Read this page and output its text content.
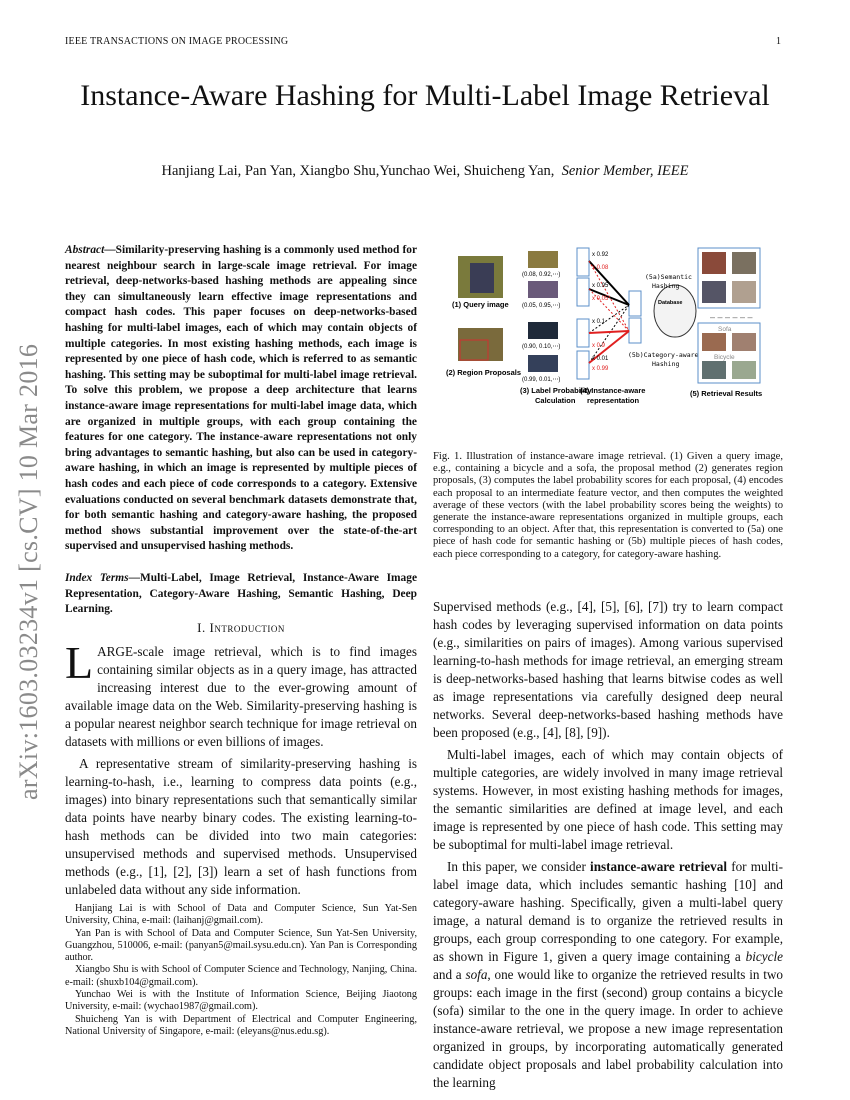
IEEE TRANSACTIONS ON IMAGE PROCESSING	1
arXiv:1603.03234v1 [cs.CV] 10 Mar 2016
Instance-Aware Hashing for Multi-Label Image Retrieval
Hanjiang Lai, Pan Yan, Xiangbo Shu,Yunchao Wei, Shuicheng Yan, Senior Member, IEEE
Abstract—Similarity-preserving hashing is a commonly used method for nearest neighbour search in large-scale image retrieval. For image retrieval, deep-networks-based hashing methods are appealing since they can simultaneously learn effective image representations and compact hash codes. This paper focuses on deep-networks-based hashing for multi-label images, each of which may contain objects of multiple categories. In most existing hashing methods, each image is represented by one piece of hash code, which is referred to as semantic hashing. This setting may be suboptimal for multi-label image retrieval. To solve this problem, we propose a deep architecture that learns instance-aware image representations for multi-label image data, which are organized in multiple groups, with each group containing the features for one category. The instance-aware representations not only bring advantages to semantic hashing, but also can be used in category-aware hashing, in which an image is represented by multiple pieces of hash codes and each piece of code corresponds to a category. Extensive evaluations conducted on several benchmark datasets demonstrate that, for both semantic hashing and category-aware hashing, the proposed method shows substantial improvement over the state-of-the-art supervised and unsupervised hashing methods.
Index Terms—Multi-Label, Image Retrieval, Instance-Aware Image Representation, Category-Aware Hashing, Semantic Hashing, Deep Learning.
I. Introduction

LARGE-scale image retrieval, which is to find images containing similar objects as in a query image, has attracted increasing interest due to the ever-growing amount of available image data on the Web. Similarity-preserving hashing is a popular nearest neighbor search technique for image retrieval on datasets with millions or even billions of images.

A representative stream of similarity-preserving hashing is learning-to-hash, i.e., learning to compress data points (e.g., images) into binary representations such that semantically similar data points have nearby binary codes. The existing learning-to-hash methods can be divided into two main categories: unsupervised methods and supervised methods. Unsupervised methods (e.g., [1], [2], [3]) learn a set of hash functions from unlabeled data without any side information.

Hanjiang Lai is with School of Data and Computer Science, Sun Yat-Sen University, China, e-mail: (laihanj@gmail.com).

Yan Pan is with School of Data and Computer Science, Sun Yat-Sen University, Guangzhou, 510006, e-mail: (panyan5@mail.sysu.edu.cn). Yan Pan is Corresponding author.

Xiangbo Shu is with School of Computer Science and Technology, Nanjing, China. e-mail: (shuxb104@gmail.com).

Yunchao Wei is with the Institute of Information Science, Beijing Jiaotong University, e-mail: (wychao1987@gmail.com).

Shuicheng Yan is with Department of Electrical and Computer Engineering, National University of Singapore, e-mail: (eleyans@nus.edu.sg).

(1) Query image
(2) Region Proposals
(0.08, 0.92,⋯)
(0.05, 0.95,⋯)
(0.90, 0.10,⋯)
(0.99, 0.01,⋯)
x 0.92
x 0.95
x 0.1
x 0.01
x 0.08
x 0.05
x 0.9
x 0.99
Database
(5a)Semantic
Hashing
(5b)Category-aware
Hashing
– – – – – –
Sofa
Bicycle
(3) Label Probability
Calculation
(4) Instance-aware
representation
(5) Retrieval Results
Fig. 1. Illustration of instance-aware image retrieval. (1) Given a query image, e.g., containing a bicycle and a sofa, the proposal method (2) generates region proposals, (3) computes the label probability scores for each proposal, (4) encodes each proposal to an intermediate feature vector, and then computes the weighted average of these vectors (with the label probability scores being the weights) to generate the instance-aware representations organized in multiple groups, each corresponding to an object. After that, this representation is converted to (5a) one piece of hash code for semantic hashing or (5b) multiple pieces of hash codes, each piece corresponding to a category, for category-aware hashing.

Supervised methods (e.g., [4], [5], [6], [7]) try to learn compact hash codes by leveraging supervised information on data points (e.g., similarities on pairs of images). Among various supervised learning-to-hash methods for image retrieval, an emerging stream is deep-networks-based hashing that learns bitwise codes as well as image representations via carefully designed deep neural networks. Several deep-networks-based hashing methods have been proposed (e.g., [4], [8], [9]).

Multi-label images, each of which may contain objects of multiple categories, are widely involved in many image retrieval systems. However, in most existing hashing methods for images, the semantic similarities are defined at image level, and each image is represented by one piece of hash code. This setting may be suboptimal for multi-label image retrieval.

In this paper, we consider instance-aware retrieval for multi-label image data, which includes semantic hashing [10] and category-aware hashing. Specifically, given a multi-label query image, a natural demand is to organize the retrieved results in groups, each group corresponding to one category. For example, as shown in Figure 1, given a query image containing a bicycle and a sofa, one would like to organize the retrieved results in two groups: each image in the first (second) group contains a bicycle (sofa) similar to the one in the query image. In order to achieve instance-aware retrieval, we propose a new image representation organized in groups, by incorporating automatically generated candidate object proposals and label probability calculation into the learning
